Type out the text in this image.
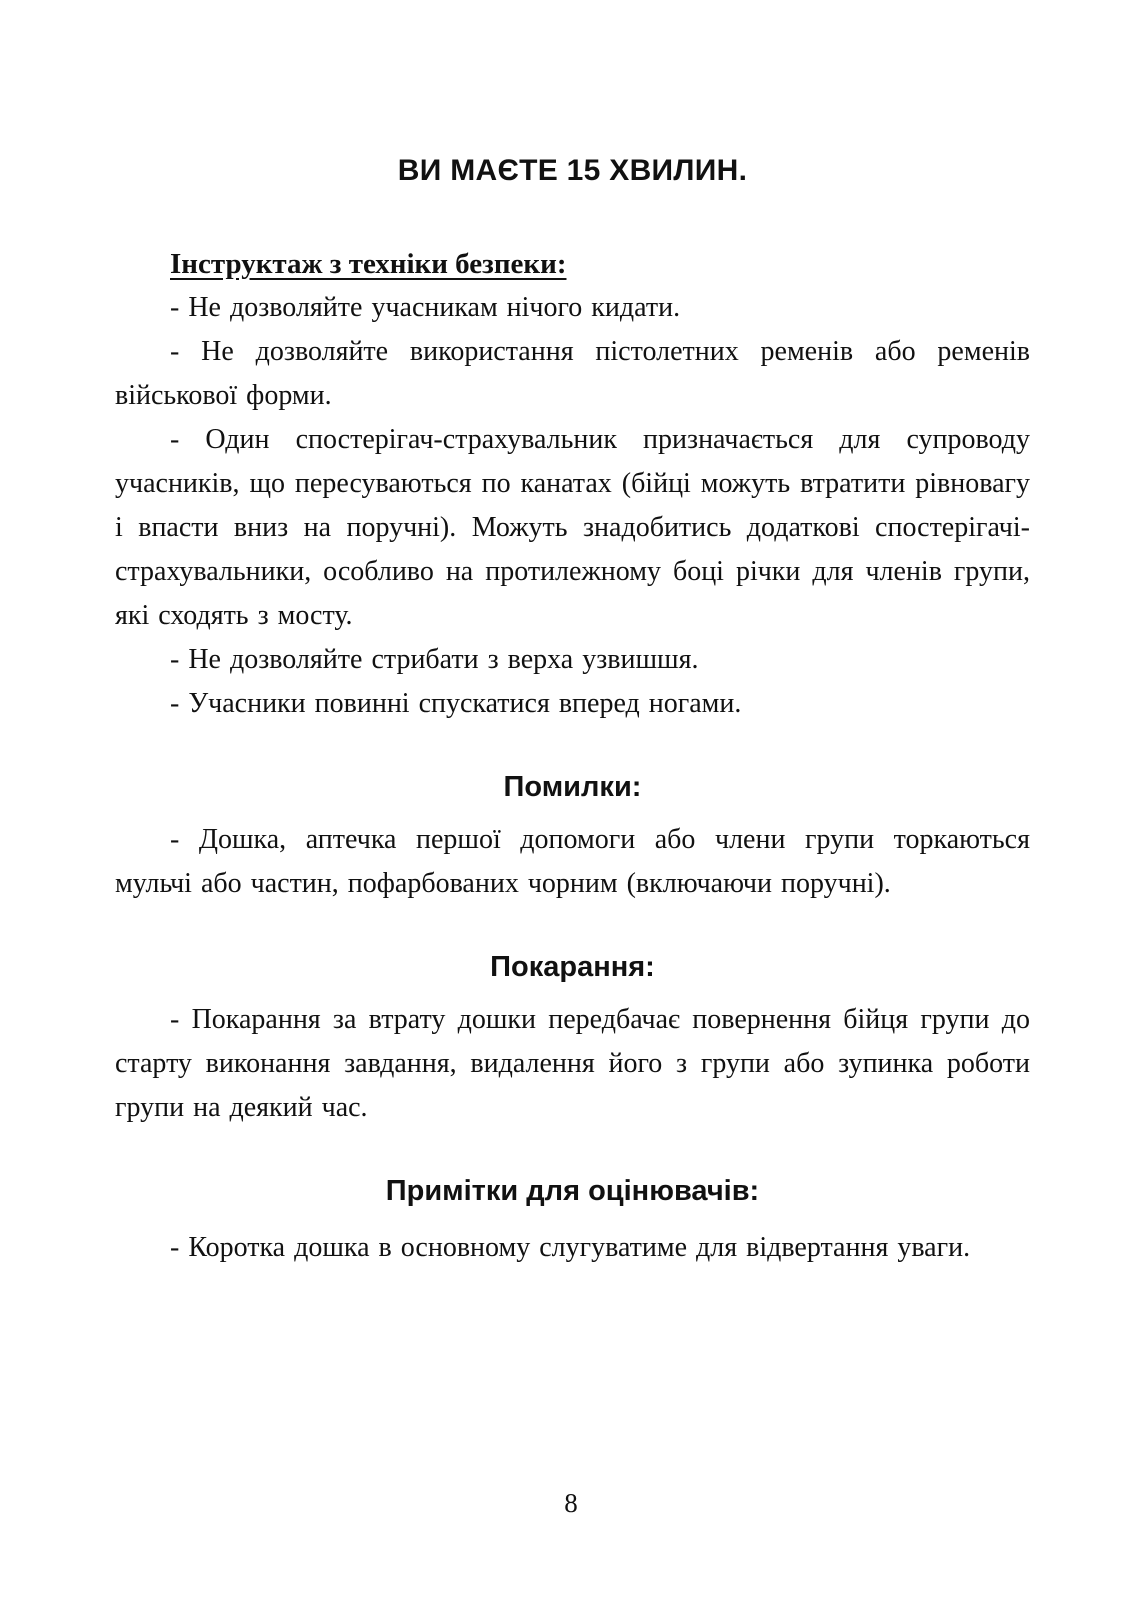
ВИ МАЄТЕ 15 ХВИЛИН.
Інструктаж з техніки безпеки:

- Не дозволяйте учасникам нічого кидати.

- Не дозволяйте використання пістолетних ременів або ременів військової форми.

- Один спостерігач-страхувальник призначається для супроводу учасників, що пересуваються по канатах (бійці можуть втратити рівновагу і впасти вниз на поручні). Можуть знадобитись додаткові спостерігачі-страхувальники, особливо на протилежному боці річки для членів групи, які сходять з мосту.

- Не дозволяйте стрибати з верха узвишшя.

- Учасники повинні спускатися вперед ногами.

Помилки:

- Дошка, аптечка першої допомоги або члени групи торкаються мульчі або частин, пофарбованих чорним (включаючи поручні).

Покарання:

- Покарання за втрату дошки передбачає повернення бійця групи до старту виконання завдання, видалення його з групи або зупинка роботи групи на деякий час.

Примітки для оцінювачів:

- Коротка дошка в основному слугуватиме для відвертання уваги.

8
